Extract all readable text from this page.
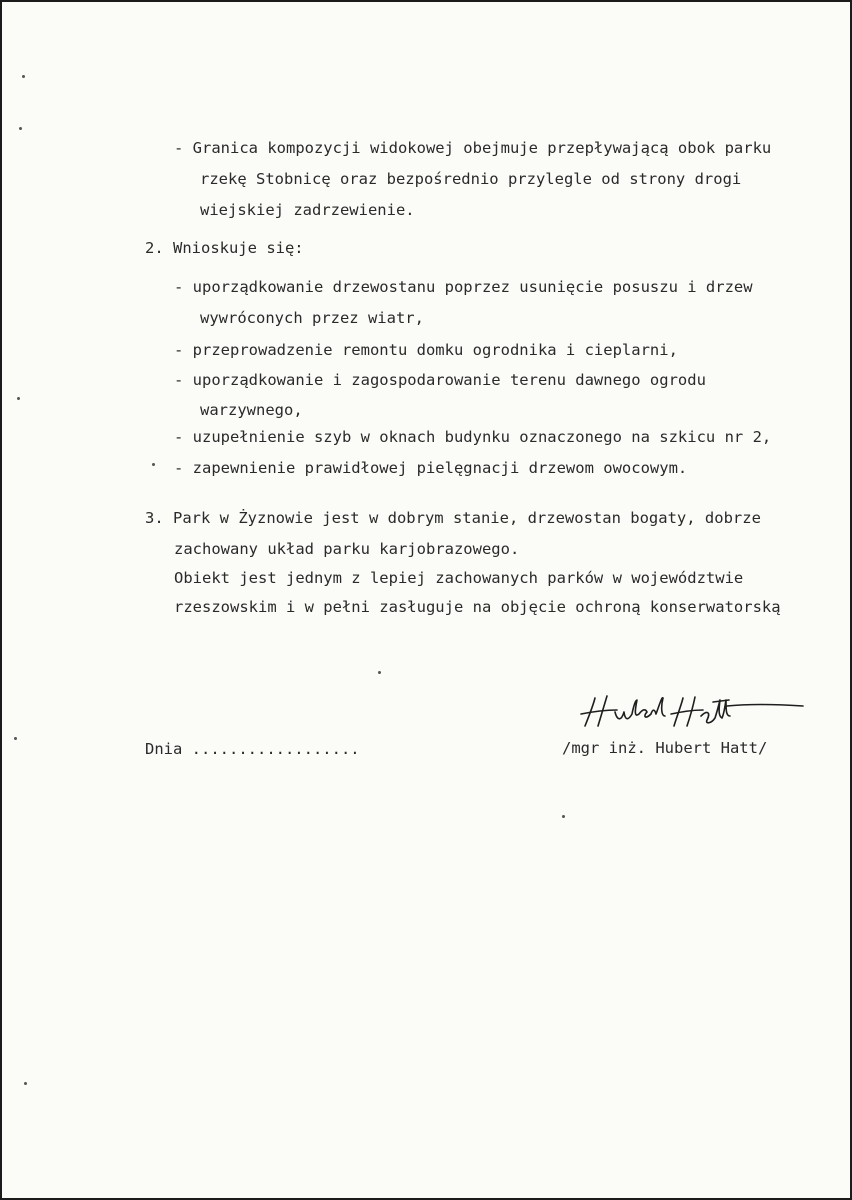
- Granica kompozycji widokowej obejmuje przepływającą obok parku
rzekę Stobnicę oraz bezpośrednio przylegle od strony drogi
wiejskiej zadrzewienie.
2. Wnioskuje się:
- uporządkowanie drzewostanu poprzez usunięcie posuszu i drzew
wywróconych przez wiatr,
- przeprowadzenie remontu domku ogrodnika i cieplarni,
- uporządkowanie i zagospodarowanie terenu dawnego ogrodu
warzywnego,
- uzupełnienie szyb w oknach budynku oznaczonego na szkicu nr 2,
- zapewnienie prawidłowej pielęgnacji drzewom owocowym.
3. Park w Żyznowie jest w dobrym stanie, drzewostan bogaty, dobrze
zachowany układ parku karjobrazowego.
Obiekt jest jednym z lepiej zachowanych parków w województwie
rzeszowskim i w pełni zasługuje na objęcie ochroną konserwatorską
Dnia ..................	/mgr inż. Hubert Hatt/
